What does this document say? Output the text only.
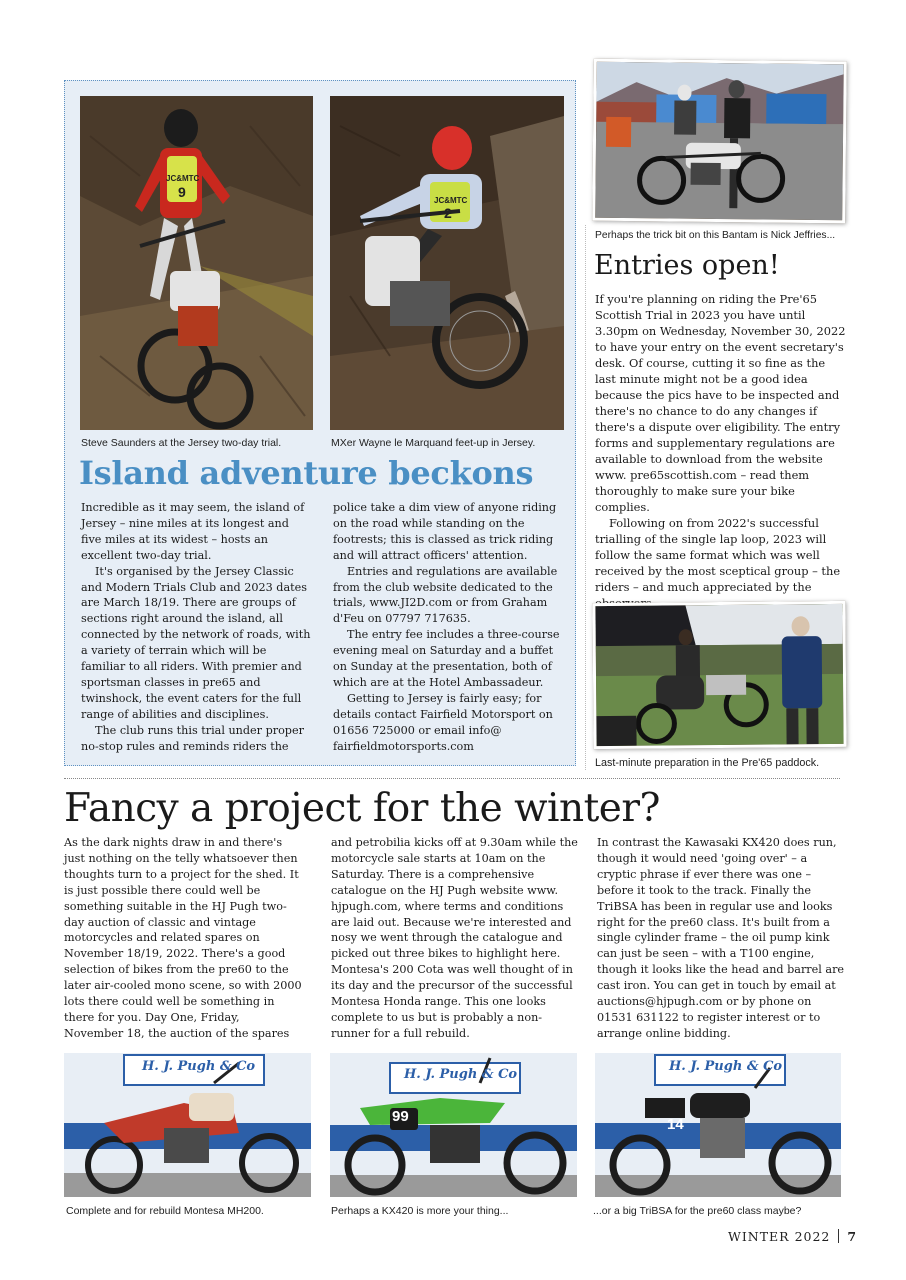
JC&MTC
9
JC&MTC
2
Steve Saunders at the Jersey two-day trial.	MXer Wayne le Marquand feet-up in Jersey.
Island adventure beckons

Incredible as it may seem, the island of Jersey – nine miles at its longest and five miles at its widest – hosts an excellent two-day trial.

It's organised by the Jersey Classic and Modern Trials Club and 2023 dates are March 18/19. There are groups of sections right around the island, all connected by the network of roads, with a variety of terrain which will be familiar to all riders. With premier and sportsman classes in pre65 and twinshock, the event caters for the full range of abilities and disciplines.

The club runs this trial under proper no-stop rules and reminds riders the

police take a dim view of anyone riding on the road while standing on the footrests; this is classed as trick riding and will attract officers' attention.

Entries and regulations are available from the club website dedicated to the trials, www.JI2D.com or from Graham d'Feu on 07797 717635.

The entry fee includes a three-course evening meal on Saturday and a buffet on Sunday at the presentation, both of which are at the Hotel Ambassadeur.

Getting to Jersey is fairly easy; for details contact Fairfield Motorsport on 01656 725000 or email info@ fairfieldmotorsports.com

Perhaps the trick bit on this Bantam is Nick Jeffries...
Entries open!

If you're planning on riding the Pre'65 Scottish Trial in 2023 you have until 3.30pm on Wednesday, November 30, 2022 to have your entry on the event secretary's desk. Of course, cutting it so fine as the last minute might not be a good idea because the pics have to be inspected and there's no chance to do any changes if there's a dispute over eligibility. The entry forms and supplementary regulations are available to download from the website www. pre65scottish.com – read them thoroughly to make sure your bike complies.

Following on from 2022's successful trialling of the single lap loop, 2023 will follow the same format which was well received by the most sceptical group – the riders – and much appreciated by the

Last-minute preparation in the Pre'65 paddock.
Fancy a project for the winter?

As the dark nights draw in and there's just nothing on the telly whatsoever then thoughts turn to a project for the shed. It is just possible there could well be something suitable in the HJ Pugh two-day auction of classic and vintage motorcycles and related spares on November 18/19, 2022. There's a good selection of bikes from the pre60 to the later air-cooled mono scene, so with 2000 lots there could well be something in there for you. Day One, Friday, November 18, the auction of the spares

and petrobilia kicks off at 9.30am while the motorcycle sale starts at 10am on the Saturday. There is a comprehensive catalogue on the HJ Pugh website www. hjpugh.com, where terms and conditions are laid out. Because we're interested and nosy we went through the catalogue and picked out three bikes to highlight here. Montesa's 200 Cota was well thought of in its day and the precursor of the successful Montesa Honda range. This one looks complete to us but is probably a non-runner for a full rebuild.

In contrast the Kawasaki KX420 does run, though it would need 'going over' – a cryptic phrase if ever there was one – before it took to the track. Finally the TriBSA has been in regular use and looks right for the pre60 class. It's built from a single cylinder frame – the oil pump kink can just be seen – with a T100 engine, though it looks like the head and barrel are cast iron. You can get in touch by email at auctions@hjpugh.com or by phone on 01531 631122 to register interest or to arrange online bidding.

H. J. Pugh & Co
H. J. Pugh & Co
99
H. J. Pugh & Co
14
Complete and for rebuild Montesa MH200.	Perhaps a KX420 is more your thing...	...or a big TriBSA for the pre60 class maybe?
WINTER 2022 7
